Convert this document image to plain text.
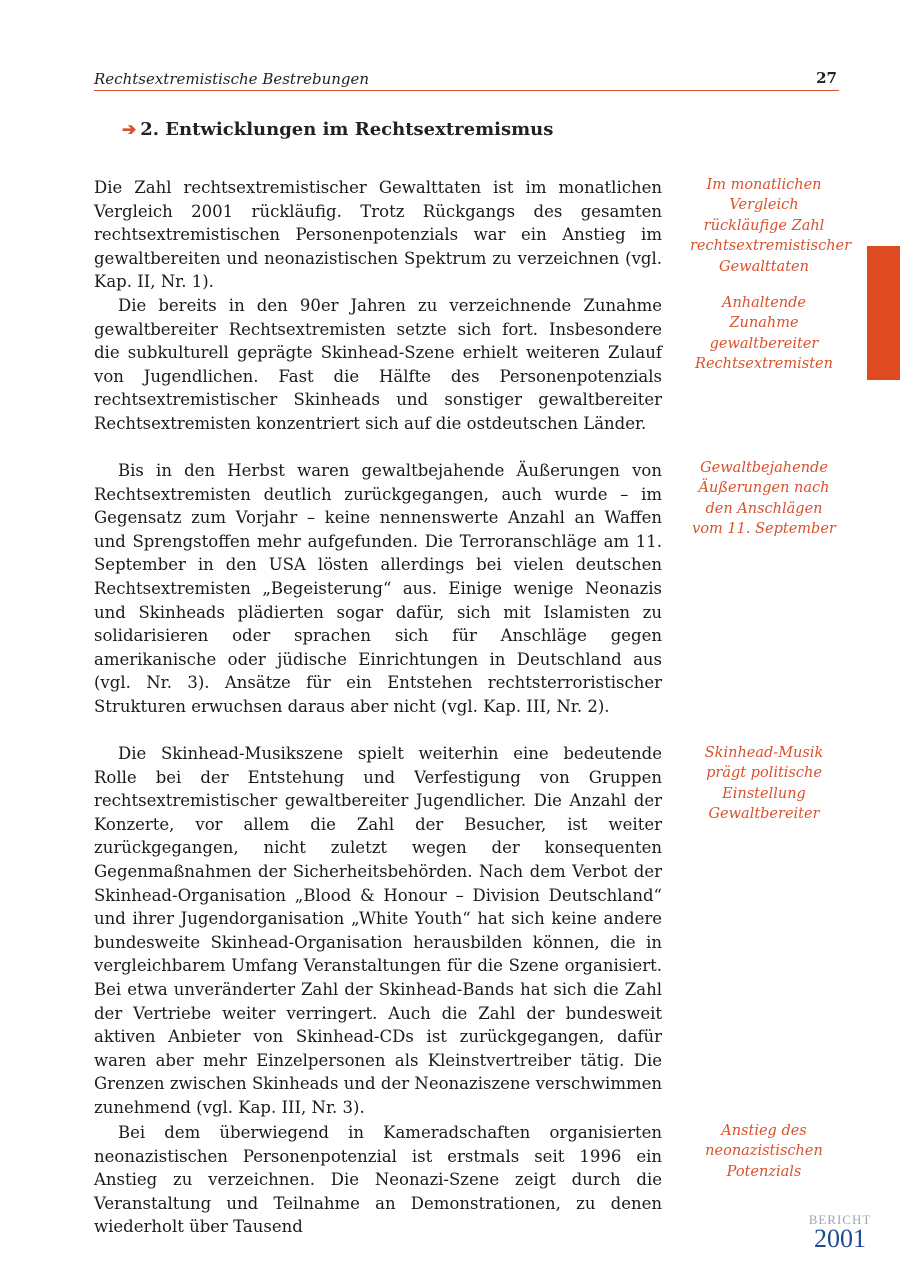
Rechtsextremistische Bestrebungen	27
➔ 2. Entwicklungen im Rechtsextremismus

Die Zahl rechtsextremistischer Gewalttaten ist im monatlichen Vergleich 2001 rückläufig. Trotz Rückgangs des gesamten rechtsextremistischen Personenpotenzials war ein Anstieg im gewaltbereiten und neonazistischen Spektrum zu verzeichnen (vgl. Kap. II, Nr. 1).

Die bereits in den 90er Jahren zu verzeichnende Zunahme gewaltbereiter Rechtsextremisten setzte sich fort. Insbesondere die subkulturell geprägte Skinhead-Szene erhielt weiteren Zulauf von Jugendlichen. Fast die Hälfte des Personenpotenzials rechtsextremistischer Skinheads und sonstiger gewaltbereiter Rechtsextremisten konzentriert sich auf die ostdeutschen Länder.

Bis in den Herbst waren gewaltbejahende Äußerungen von Rechtsextremisten deutlich zurückgegangen, auch wurde – im Gegensatz zum Vorjahr – keine nennenswerte Anzahl an Waffen und Sprengstoffen mehr aufgefunden. Die Terroranschläge am 11. September in den USA lösten allerdings bei vielen deutschen Rechtsextremisten „Begeisterung“ aus. Einige wenige Neonazis und Skinheads plädierten sogar dafür, sich mit Islamisten zu solidarisieren oder sprachen sich für Anschläge gegen amerikanische oder jüdische Einrichtungen in Deutschland aus (vgl. Nr. 3). Ansätze für ein Entstehen rechtsterroristischer Strukturen erwuchsen daraus aber nicht (vgl. Kap. III, Nr. 2).

Die Skinhead-Musikszene spielt weiterhin eine bedeutende Rolle bei der Entstehung und Verfestigung von Gruppen rechtsextremistischer gewaltbereiter Jugendlicher. Die Anzahl der Konzerte, vor allem die Zahl der Besucher, ist weiter zurückgegangen, nicht zuletzt wegen der konsequenten Gegenmaßnahmen der Sicherheitsbehörden. Nach dem Verbot der Skinhead-Organisation „Blood & Honour – Division Deutschland“ und ihrer Jugendorganisation „White Youth“ hat sich keine andere bundesweite Skinhead-Organisation herausbilden können, die in vergleichbarem Umfang Veranstaltungen für die Szene organisiert. Bei etwa unveränderter Zahl der Skinhead-Bands hat sich die Zahl der Vertriebe weiter verringert. Auch die Zahl der bundesweit aktiven Anbieter von Skinhead-CDs ist zurückgegangen, dafür waren aber mehr Einzelpersonen als Kleinstvertreiber tätig. Die Grenzen zwischen Skinheads und der Neonaziszene verschwimmen zunehmend (vgl. Kap. III, Nr. 3).

Bei dem überwiegend in Kameradschaften organisierten neonazistischen Personenpotenzial ist erstmals seit 1996 ein Anstieg zu verzeichnen. Die Neonazi-Szene zeigt durch die Veranstaltung und Teilnahme an Demonstrationen, zu denen wiederholt über Tausend

Im monatlichen Vergleich rückläufige Zahl rechtsextremistischer Gewalttaten

Anhaltende Zunahme gewaltbereiter Rechtsextremisten

Gewaltbejahende Äußerungen nach den Anschlägen vom 11. September

Skinhead-Musik prägt politische Einstellung Gewaltbereiter

Anstieg des neonazistischen Potenzials

BERICHT
2001
